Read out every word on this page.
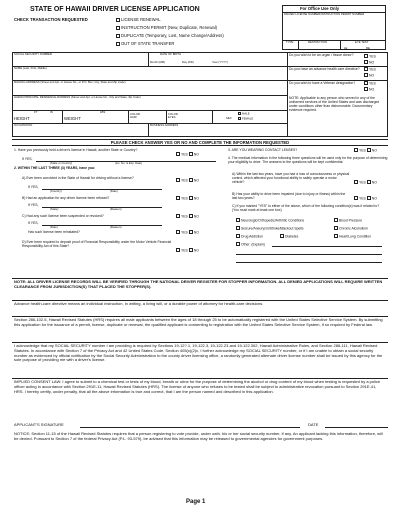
STATE OF HAWAII DRIVER LICENSE APPLICATION	For Office Use Only
DRIVER LICENSE NUMBER/INSTRUCTION PERMIT NUMBER
TYPE	RESTRICTION	EYE TEST
LE	RE
CHECK TRANSACTION REQUESTED	LICENSE RENEWAL
INSTRUCTION PERMIT (New, Duplicate, Renewal)
DUPLICATE (Temporary, Lost, Name Change/Address)
OUT OF STATE TRANSFER
SOCIAL SECURITY NUMBER	DATE OF BIRTH
Month (MM)	Day (DD)	Year (YYYY)
NAME (Last, First, Middle)
MAILING ADDRESS (Street and Apt. or House No., or P.O. Box; City, State and Zip Code)
HAWAII PRINCIPAL RESIDENCE ADDRESS (Street and Apt. or House No., City and State, Zip Code)
HEIGHT
FT	IN
WEIGHT
LBS	COLOR HAIR
COLOR EYES	SEX
MALE
FEMALE
OCCUPATION	BUSINESS ADDRESS
Do you wish to be an organ / tissue donor?	YES
NO
Do you have an advance health care directive?	YES
NO
Do you wish to have a Veteran designation?	YES
NO
NOTE: Applicable to any person who served in any of the uniformed services of the United States and was discharged under conditions other than dishonorable. Documentary evidence required.
PLEASE CHECK ANSWER YES OR NO AND COMPLETE THE INFORMATION REQUESTED
1. Have you previously held a driver's license in Hawaii, another State or Country?
YES NO
If YES,
(State or Country)	(Lic. No. & Exp. Date)
2. WITHIN THE LAST THREE (3) YEARS, have you:
A) Ever been convicted in the State of Hawaii for driving without a license?
YES NO
If YES,
(Country)	(Date)
B) Had an application for any driver license been refused?	YES NO
If YES,
(State)	(Reason)
C) Had any such license been suspended or revoked?	YES NO
If YES,
(Date)	(Reason)
Has such license been reinstated?	YES NO
D) Ever been required to deposit proof of Financial Responsibility under the Motor Vehicle Financial Responsibility Act of this State?
YES NO
3. ARE YOU WEARING CONTACT LENSES?	YES NO
4. The medical information in the following three questions will be used only for the purpose of determining your eligibility to drive. The answers to the questions will be kept confidential.
A) Within the last two years, have you had a loss of consciousness or physical control, which affected your functional ability to safely operate a motor vehicle?	YES NO
B) Has your ability to drive been impaired (due to injury or illness) within the last two years?	YES NO
C) If you marked "YES" to either of the above, which of the following condition(s) was it related to? (You must mark at least one box)
Neurologic/Orthopedic/Arthritic Conditions	Blood Pressure
Seizure/Aneurysm/Stroke/Blackout Spells	Chronic Alcoholism
Drug Addiction	Diabetes	Heart/Lung Condition
Other: (Explain)
NOTE: ALL DRIVER LICENSE RECORDS WILL BE VERIFIED THROUGH THE NATIONAL DRIVER REGISTER FOR STOPPER INFORMATION. ALL DENIED APPLICATIONS WILL REQUIRE WRITTEN CLEARANCE FROM JURISDICTION(S) THAT PLACED THE STOPPER(S).
Advance health-care directive means an individual instruction, in writing, a living will, or a durable power of attorney for health-care decisions.
Section 286-102.5, Hawaii Revised Statutes (HRS) requires all male applicants between the ages of 18 through 25 to be automatically registered with the United States Selective Service System. By submitting this application for the issuance of a permit, license, duplicate or renewal, the qualified applicant is consenting to registration with the United States Selective Service System, if so required by Federal law.
I acknowledge that my SOCIAL SECURITY number I am providing is required by Sections 19-12?.1, 19-122.3, 19-122.23 and 19-122.302, Hawaii Administrative Rules, and Section 286-111, Hawaii Revised Statutes. In accordance with Section 7 of the Privacy Act and 42 United States Code, Section 405(c)(2)c, I further acknowledge my SOCIAL SECURITY number, or if I am unable to obtain a social security number as evidenced by official notification by the Social Security Administration to the county driver licensing office, a randomly generated alternate driver license number shall be issued by this agency for the sole purpose of providing me with a driver's license.
IMPLIED CONSENT LAW: I agree to submit to a chemical test or tests of my blood, breath or urine for the purpose of determining the alcohol or drug content of my blood when testing is requested by a police officer acting in accordance with Section 291E-11, Hawaii Revised Statutes (HRS). The license of anyone who refuses to be tested shall be subject to administrative revocation pursuant to Section 291E-41, HRS. I hereby certify, under penalty, that all the above information is true and correct, that I am the person named and described in this application.
APPLICANT'S SIGNATURE	DATE
NOTICE: Section 11-15 of the Hawaii Revised Statutes requires that a person registering to vote provide, under oath, his or her social security number, if any. An applicant lacking this information, therefore, will be denied. Pursuant to Section 7 of the federal Privacy Act (P.L. 93-579), be advised that this information may be released to governmental agencies for government purposes.
Page 1
